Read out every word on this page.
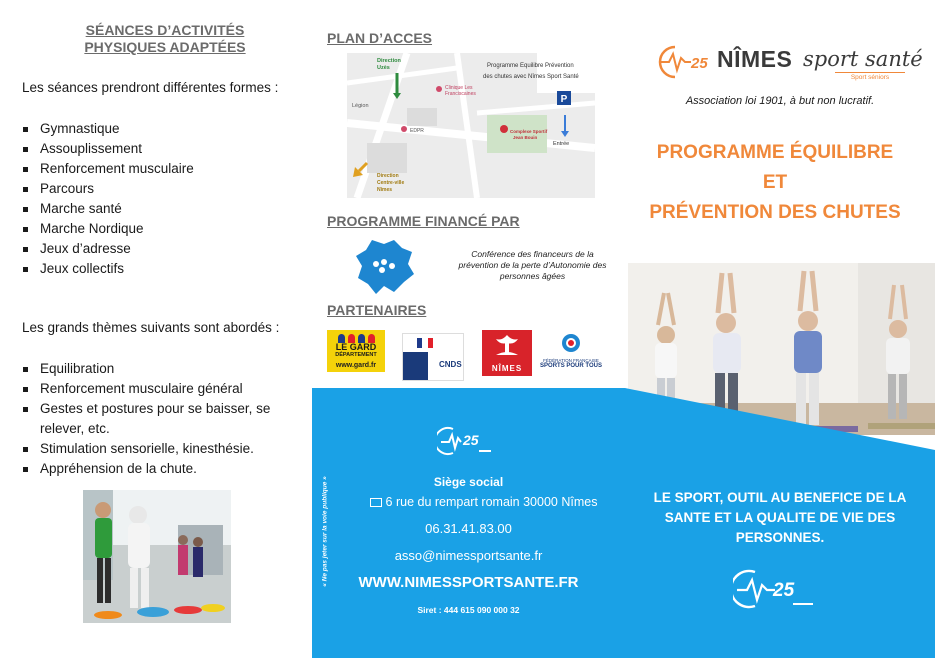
SÉANCES D’ACTIVITÉS
PHYSIQUES ADAPTÉES
Les séances prendront différentes formes :
Gymnastique
Assouplissement
Renforcement musculaire
Parcours
Marche santé
Marche Nordique
Jeux d’adresse
Jeux collectifs
Les grands thèmes suivants sont abordés :
Equilibration
Renforcement musculaire général
Gestes et postures pour se baisser, se relever, etc.
Stimulation sensorielle, kinesthésie.
Appréhension de la chute.
PLAN D’ACCES
P
Direction
Uzès	Programme Equilibre Prévention
des chutes avec Nîmes Sport Santé
Clinique Les
Franciscaines
Légion
EDPR	Complexe Sportif
Jean Bouin
Entrée
Direction
Centre-ville
Nîmes
PROGRAMME FINANCÉ PAR
Conférence des financeurs de la
prévention de la perte d’Autonomie des
personnes âgées
PARTENAIRES
LE GARD
DÉPARTEMENT
www.gard.fr	CNDS	NÎMES
FÉDÉRATION FRANÇAISE
SPORTS POUR TOUS
« Ne pas jeter sur la voie publique »
25
Siège social
6 rue du rempart romain 30000 Nîmes
06.31.41.83.00
asso@nimessportsante.fr
WWW.NIMESSPORTSANTE.FR
Siret : 444 615 090 000 32
25 NÎMES sport santé
Sport séniors
Association loi 1901, à but non lucratif.
PROGRAMME ÉQUILIBRE
ET
PRÉVENTION DES CHUTES
LE SPORT, OUTIL AU BENEFICE DE LA
SANTE ET LA QUALITE DE VIE DES
PERSONNES.
25
